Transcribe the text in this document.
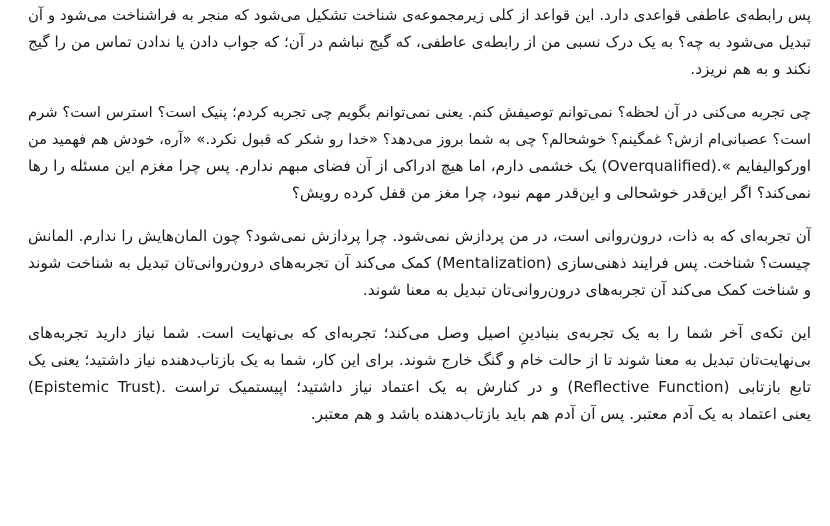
پس رابطه‌ی عاطفی قواعدی دارد. این قواعد از کلی زیرمجموعه‌ی شناخت تشکیل می‌شود که منجر به فراشناخت می‌شود و آن
تبدیل می‌شود به چه؟ به یک درک نسبی من از رابطه‌ی عاطفی، که گیج نباشم در آن؛ که جواب دادن یا ندادن تماس من را گیج
نکند و به هم نریزد.

چی تجربه می‌کنی در آن لحظه؟ نمی‌توانم توصیفش کنم. یعنی نمی‌توانم بگویم چی تجربه کردم؛ پنیک است؟ استرس است؟ شرم
است؟ عصبانی‌ام ازش؟ غمگینم؟ خوشحالم؟ چی به شما بروز می‌دهد؟ «خدا رو شکر که قبول نکرد.» «آره، خودش هم فهمید من
اورکوالیفایم ».(Overqualified) یک خشمی دارم، اما هیچ ادراکی از آن فضای مبهم ندارم. پس چرا مغزم این مسئله را رها
نمی‌کند؟ اگر این‌قدر خوشحالی و این‌قدر مهم نبود، چرا مغز من قفل کرده رویش؟

آن تجربه‌ای که به ذات، درون‌روانی است، در من پردازش نمی‌شود. چرا پردازش نمی‌شود؟ چون المان‌هایش را ندارم. المانش
چیست؟ شناخت. پس فرایند ذهنی‌سازی (Mentalization) کمک می‌کند آن تجربه‌های درون‌روانی‌تان تبدیل به شناخت شوند
و شناخت کمک می‌کند آن تجربه‌های درون‌روانی‌تان تبدیل به معنا شوند.

این تکه‌ی آخر شما را به یک تجربه‌ی بنیادینِ اصیل وصل می‌کند؛ تجربه‌ای که بی‌نهایت است. شما نیاز دارید تجربه‌های
بی‌نهایت‌تان تبدیل به معنا شوند تا از حالت خام و گنگ خارج شوند. برای این کار، شما به یک بازتاب‌دهنده نیاز داشتید؛ یعنی یک
تابع بازتابی (Reflective Function) و در کنارش به یک اعتماد نیاز داشتید؛ اپیستمیک تراست .(Epistemic Trust)
یعنی اعتماد به یک آدم معتبر. پس آن آدم هم باید بازتاب‌دهنده باشد و هم معتبر.
